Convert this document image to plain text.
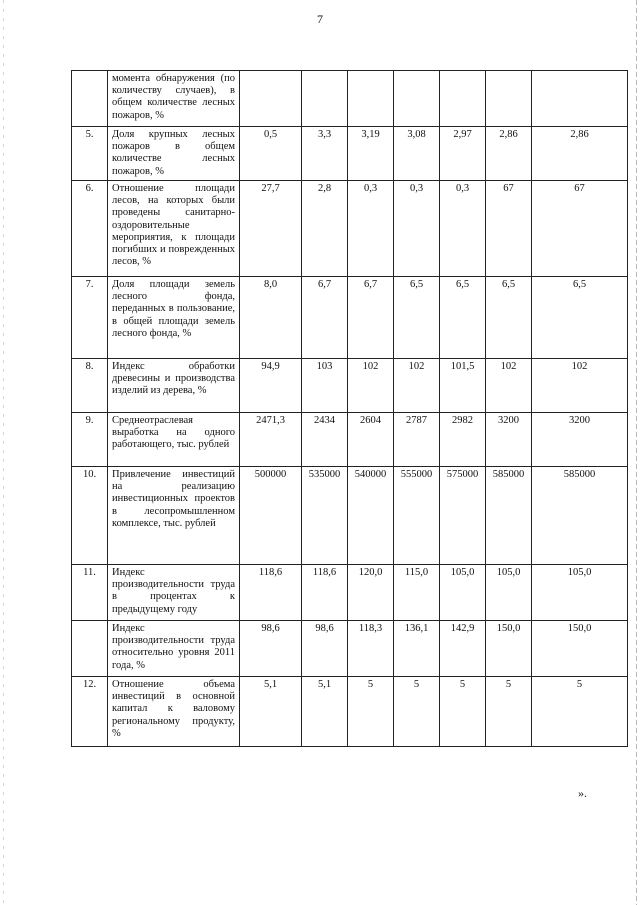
7
	момента обнаружения (по количеству случаев), в общем количестве лесных пожаров, %							
5.	Доля крупных лесных пожаров в общем количестве лесных пожаров, %	0,5	3,3	3,19	3,08	2,97	2,86	2,86
6.	Отношение площади лесов, на которых были проведены санитарно-оздоровительные мероприятия, к площади погибших и поврежденных лесов, %	27,7	2,8	0,3	0,3	0,3	67	67
7.	Доля площади земель лесного фонда, переданных в пользование, в общей площади земель лесного фонда, %	8,0	6,7	6,7	6,5	6,5	6,5	6,5
8.	Индекс обработки древесины и производства изделий из дерева, %	94,9	103	102	102	101,5	102	102
9.	Среднеотраслевая выработка на одного работающего, тыс. рублей	2471,3	2434	2604	2787	2982	3200	3200
10.	Привлечение инвестиций на реализацию инвестиционных проектов в лесопромышленном комплексе, тыс. рублей	500000	535000	540000	555000	575000	585000	585000
11.	Индекс производительности труда в процентах к предыдущему году	118,6	118,6	120,0	115,0	105,0	105,0	105,0
	Индекс производительности труда относительно уровня 2011 года, %	98,6	98,6	118,3	136,1	142,9	150,0	150,0
12.	Отношение объема инвестиций в основной капитал к валовому региональному продукту, %	5,1	5,1	5	5	5	5	5
».
